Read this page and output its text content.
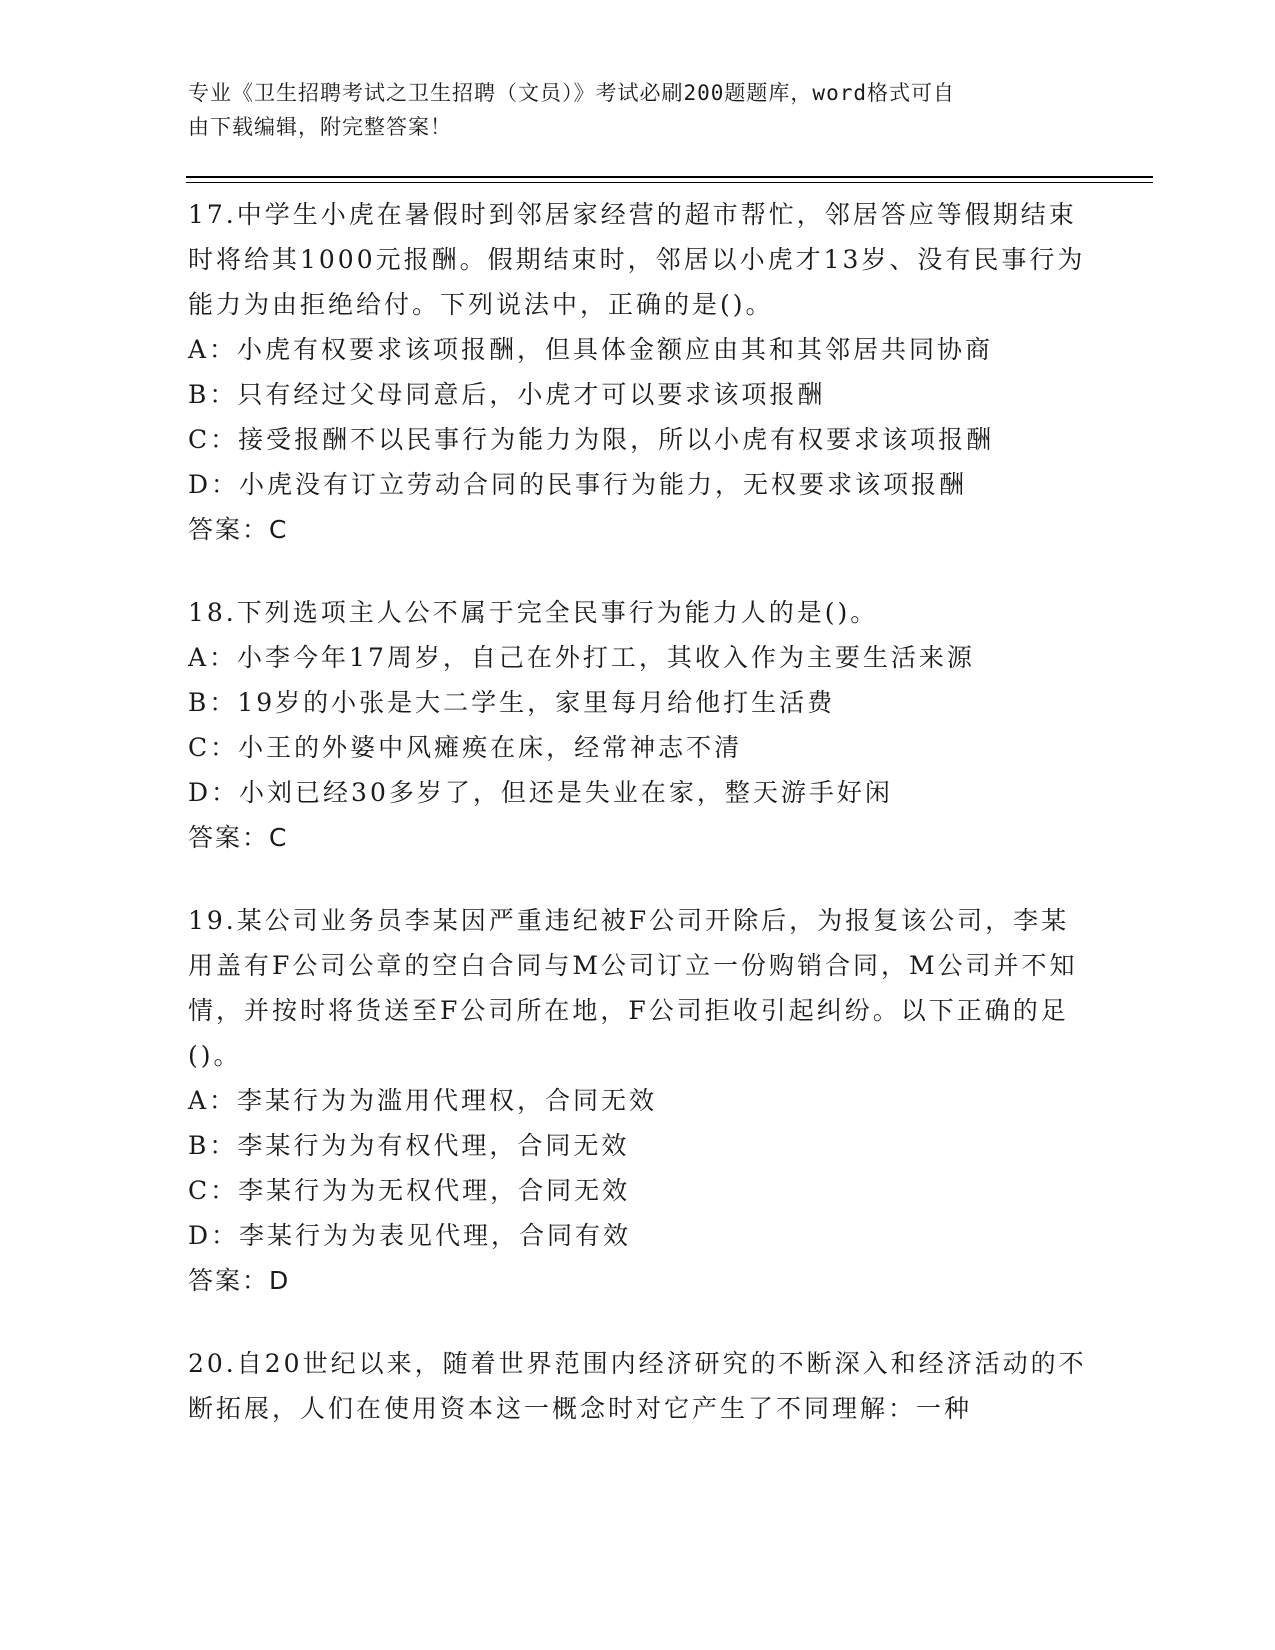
专业《卫生招聘考试之卫生招聘（文员）》考试必刷200题题库，word格式可自
由下载编辑，附完整答案！

17.中学生小虎在暑假时到邻居家经营的超市帮忙，邻居答应等假期结束时将给其1000元报酬。假期结束时，邻居以小虎才13岁、没有民事行为能力为由拒绝给付。下列说法中，正确的是()。

A：小虎有权要求该项报酬，但具体金额应由其和其邻居共同协商

B：只有经过父母同意后，小虎才可以要求该项报酬

C：接受报酬不以民事行为能力为限，所以小虎有权要求该项报酬

D：小虎没有订立劳动合同的民事行为能力，无权要求该项报酬

答案：C

18.下列选项主人公不属于完全民事行为能力人的是()。

A：小李今年17周岁，自己在外打工，其收入作为主要生活来源

B：19岁的小张是大二学生，家里每月给他打生活费

C：小王的外婆中风瘫痪在床，经常神志不清

D：小刘已经30多岁了，但还是失业在家，整天游手好闲

答案：C

19.某公司业务员李某因严重违纪被F公司开除后，为报复该公司，李某用盖有F公司公章的空白合同与M公司订立一份购销合同，M公司并不知情，并按时将货送至F公司所在地，F公司拒收引起纠纷。以下正确的足()。

A：李某行为为滥用代理权，合同无效

B：李某行为为有权代理，合同无效

C：李某行为为无权代理，合同无效

D：李某行为为表见代理，合同有效

答案：D

20.自20世纪以来，随着世界范围内经济研究的不断深入和经济活动的不断拓展，人们在使用资本这一概念时对它产生了不同理解：一种
